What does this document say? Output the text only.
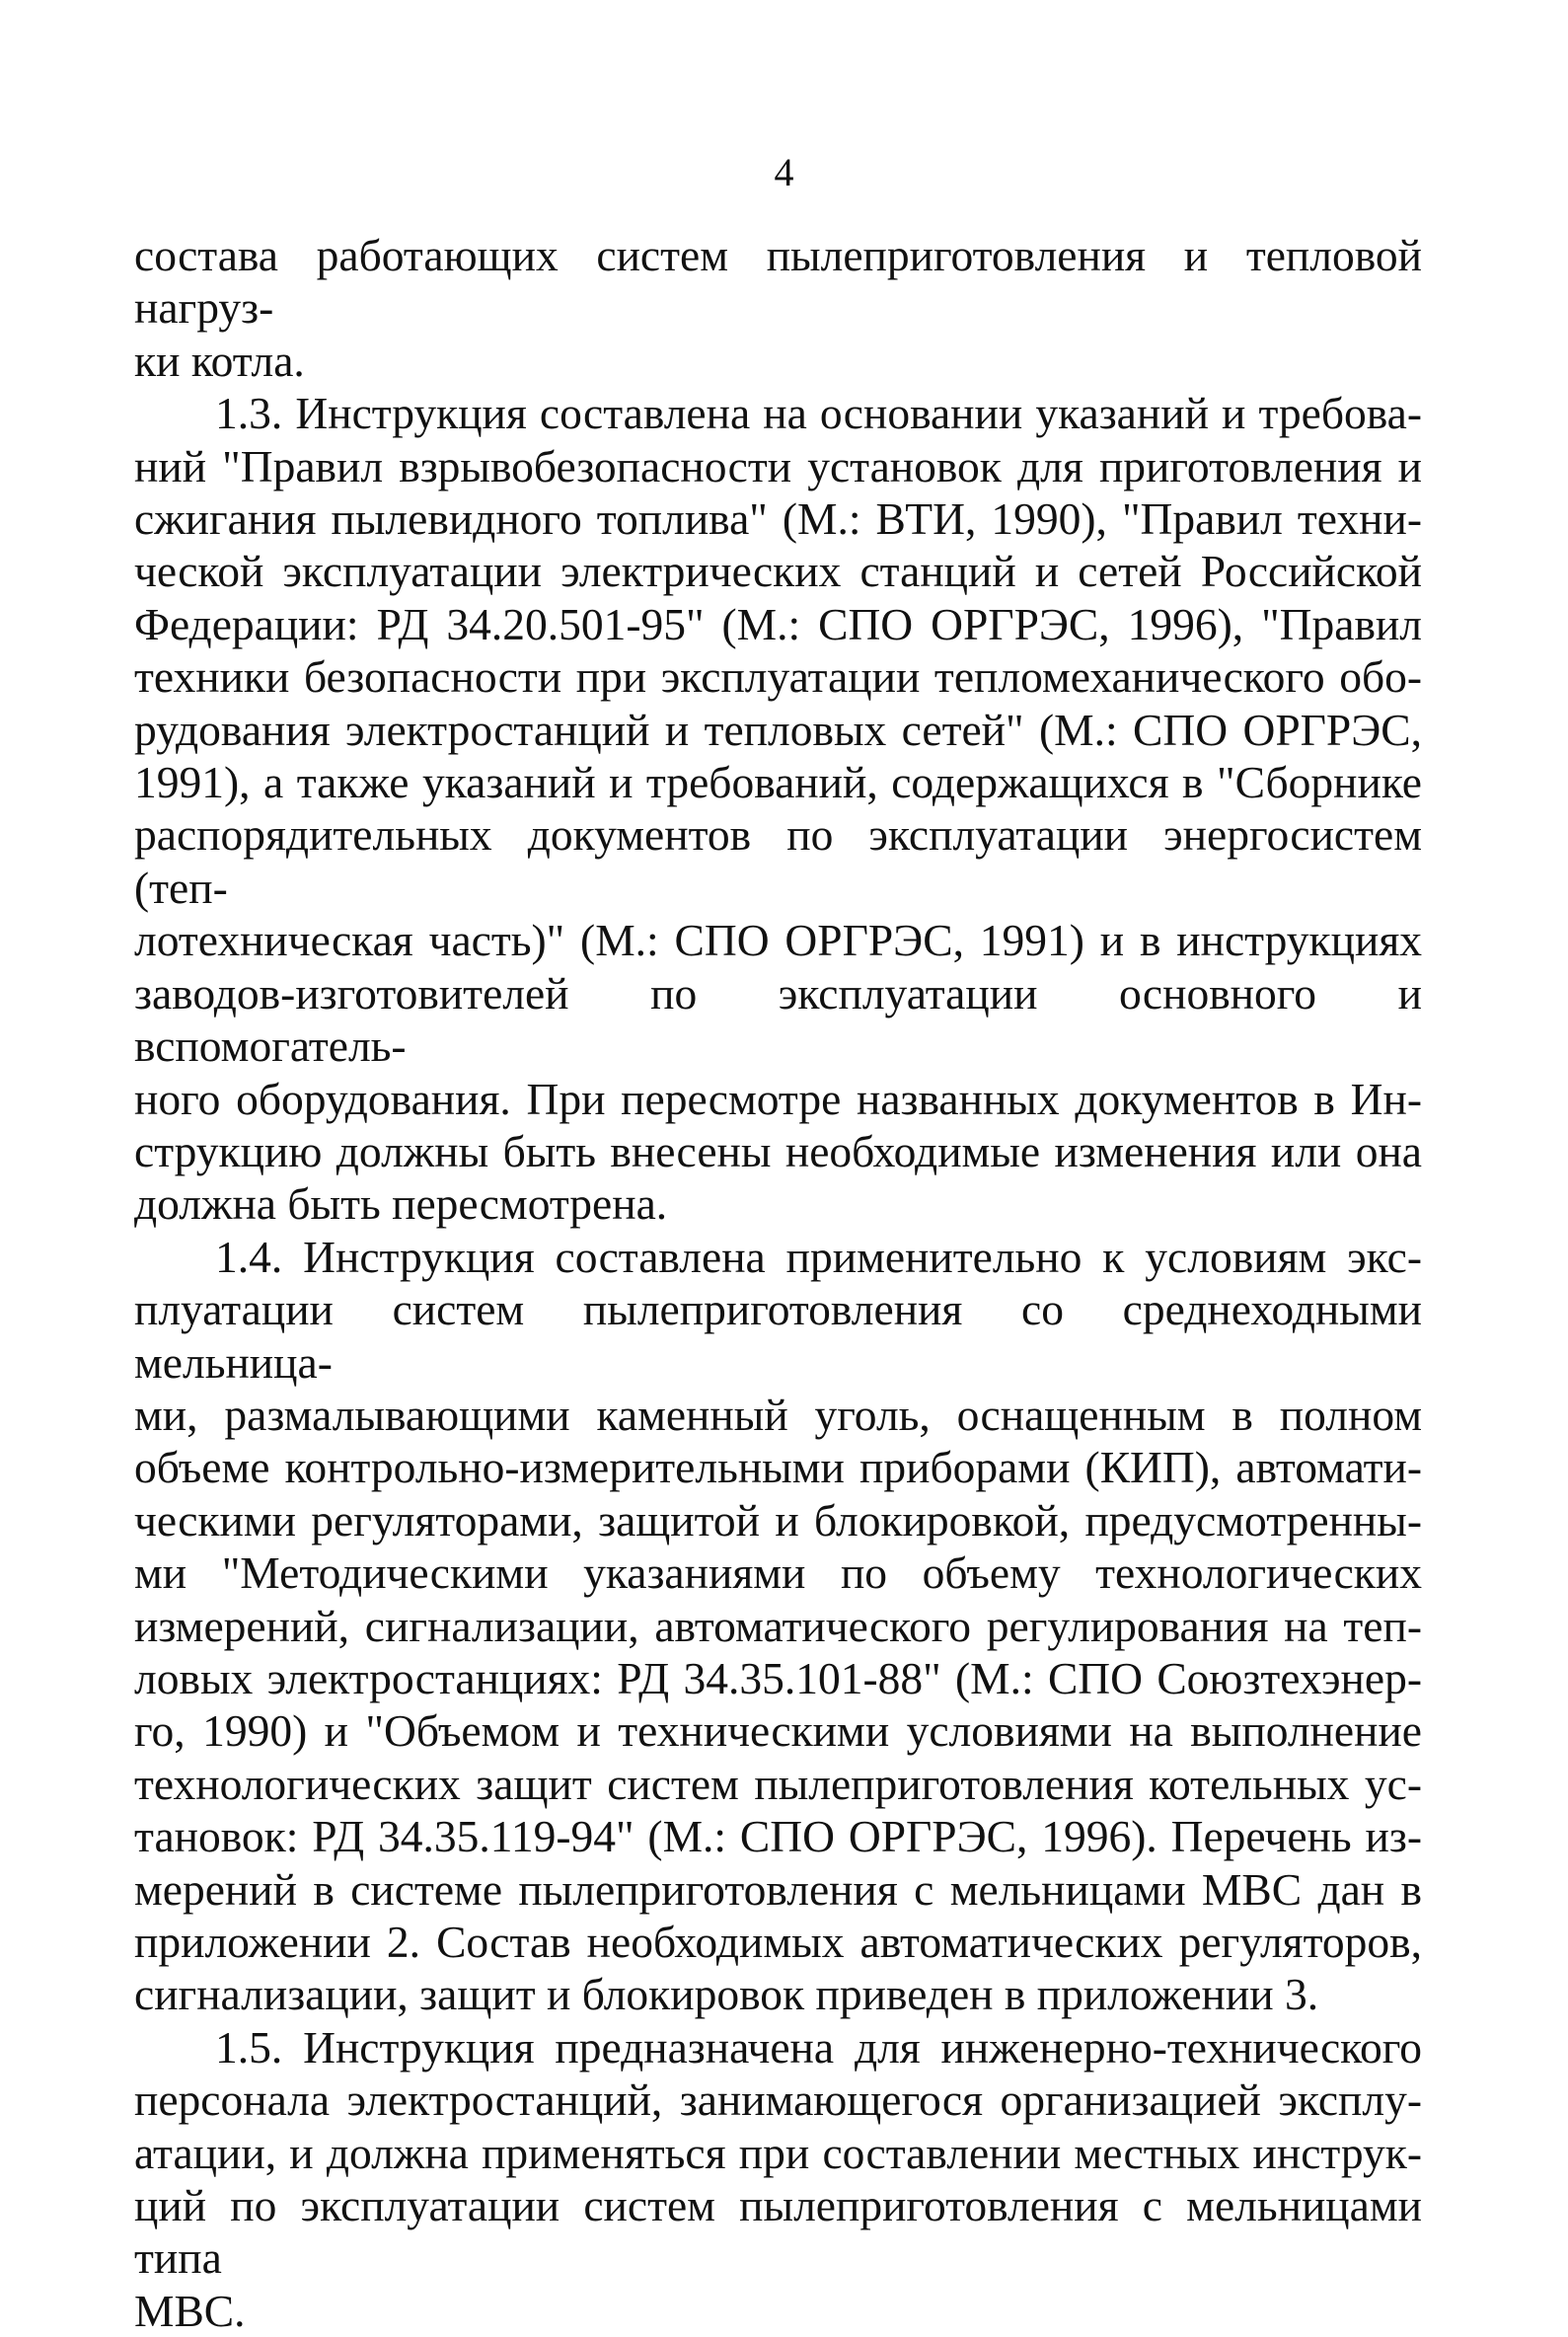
4

состава работающих систем пылеприготовления и тепловой нагруз-
ки котла.

1.3. Инструкция составлена на основании указаний и требова-
ний "Правил взрывобезопасности установок для приготовления и
сжигания пылевидного топлива" (М.: ВТИ, 1990), "Правил техни-
ческой эксплуатации электрических станций и сетей Российской
Федерации: РД 34.20.501-95" (М.: СПО ОРГРЭС, 1996), "Правил
техники безопасности при эксплуатации тепломеханического обо-
рудования электростанций и тепловых сетей" (М.: СПО ОРГРЭС,
1991), а также указаний и требований, содержащихся в "Сборнике
распорядительных документов по эксплуатации энергосистем (теп-
лотехническая часть)" (М.: СПО ОРГРЭС, 1991) и в инструкциях
заводов-изготовителей по эксплуатации основного и вспомогатель-
ного оборудования. При пересмотре названных документов в Ин-
струкцию должны быть внесены необходимые изменения или она
должна быть пересмотрена.

1.4. Инструкция составлена применительно к условиям экс-
плуатации систем пылеприготовления со среднеходными мельница-
ми, размалывающими каменный уголь, оснащенным в полном
объеме контрольно-измерительными приборами (КИП), автомати-
ческими регуляторами, защитой и блокировкой, предусмотренны-
ми "Методическими указаниями по объему технологических
измерений, сигнализации, автоматического регулирования на теп-
ловых электростанциях: РД 34.35.101-88" (М.: СПО Союзтехэнер-
го, 1990) и "Объемом и техническими условиями на выполнение
технологических защит систем пылеприготовления котельных ус-
тановок: РД 34.35.119-94" (М.: СПО ОРГРЭС, 1996). Перечень из-
мерений в системе пылеприготовления с мельницами МВС дан в
приложении 2. Состав необходимых автоматических регуляторов,
сигнализации, защит и блокировок приведен в приложении 3.

1.5. Инструкция предназначена для инженерно-технического
персонала электростанций, занимающегося организацией эксплу-
атации, и должна применяться при составлении местных инструк-
ций по эксплуатации систем пылеприготовления с мельницами типа
МВС.
